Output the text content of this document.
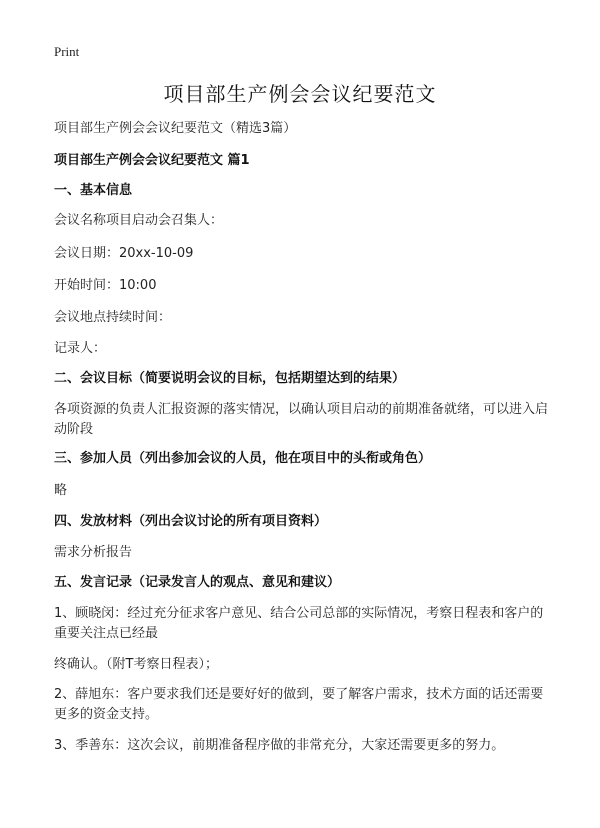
Print
项目部生产例会会议纪要范文
项目部生产例会会议纪要范文（精选3篇）
项目部生产例会会议纪要范文 篇1
一、基本信息
会议名称项目启动会召集人：
会议日期：20xx-10-09
开始时间：10:00
会议地点持续时间：
记录人：
二、会议目标（简要说明会议的目标，包括期望达到的结果）
各项资源的负责人汇报资源的落实情况，以确认项目启动的前期准备就绪，可以进入启动阶段
三、参加人员（列出参加会议的人员，他在项目中的头衔或角色）
略
四、发放材料（列出会议讨论的所有项目资料）
需求分析报告
五、发言记录（记录发言人的观点、意见和建议）
1、顾晓闵：经过充分征求客户意见、结合公司总部的实际情况，考察日程表和客户的重要关注点已经最
终确认。（附T考察日程表）；
2、薛旭东：客户要求我们还是要好好的做到，要了解客户需求，技术方面的话还需要更多的资金支持。
3、季善东：这次会议，前期准备程序做的非常充分，大家还需要更多的努力。
